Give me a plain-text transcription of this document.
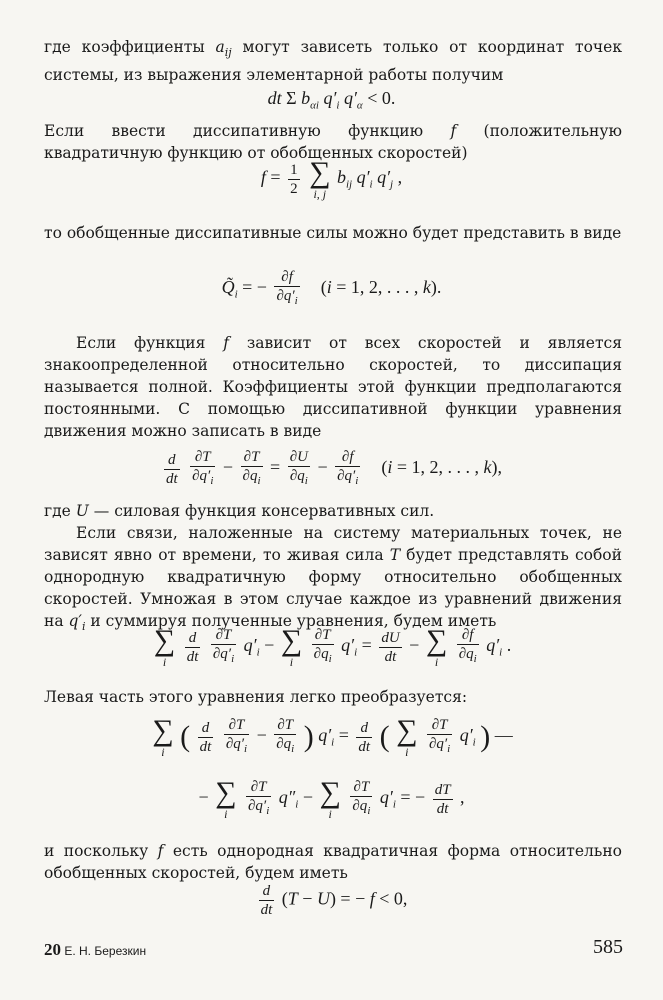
где коэффициенты $a_{ij}$ могут зависеть только от координат точек системы, из выражения элементарной работы получим

dt Σ $b_{\alpha i}$ $q'_i$ $q'_\alpha < 0$.

Если ввести диссипативную функцию f (положительную квадратичную функцию от обобщенных скоростей)

$f = \frac{1}{2}$
∑
i, j
$b_{ij}$ $q'_i$ $q'_j$ ,

то обобщенные диссипативные силы можно будет представить в виде

$Q̃_i$ = − $\frac{\partial f}{\partial q'_i} (i = 1$, 2, . . . , k).

Если функция f зависит от всех скоростей и является знакоопределенной относительно скоростей, то диссипация называется полной. Коэффициенты этой функции предполагаются постоянными. С помощью диссипативной функции уравнения движения можно записать в виде

$\frac{d}{dt}$
$\frac{\partial T}{\partial q'_i} - \frac{\partial T}{\partial q_i} = \frac{\partial U}{\partial q_i} - \frac{\partial f}{\partial q'_i} (i = 1$, 2, . . . , k),

где U — силовая функция консервативных сил.

Если связи, наложенные на систему материальных точек, не зависят явно от времени, то живая сила T будет представлять собой однородную квадратичную форму относительно обобщенных скоростей. Умножая в этом случае каждое из уравнений движения на $q'_i$ и суммируя полученные уравнения, будем иметь

∑
i
	$\frac{d}{dt}$
$\frac{\partial T}{\partial q'_i} q'_i$ − ∑
i
	$\frac{\partial T}{\partial q_i} q'_i = \frac{dU}{dt}$ − ∑
i
	$\frac{\partial f}{\partial q_i} q'_i$ .

Левая часть этого уравнения легко преобразуется:

∑
i ( $\frac{d}{dt}$
$\frac{\partial T}{\partial q'_i} - \frac{\partial T}{\partial q_i}$ ) $q'_i = \frac{d}{dt}$ ( ∑
i
	$\frac{\partial T}{\partial q'_i} q'_i$ ) —
− ∑
i
	$\frac{\partial T}{\partial q'_i} q''_i$ − ∑
i
	$\frac{\partial T}{\partial q_i} q'_i$ = − $\frac{dT}{dt}$ ,

и поскольку f есть однородная квадратичная форма относительно обобщенных скоростей, будем иметь

$\frac{d}{dt} (T - U)$ = − f < 0,
20 Е. Н. Березкин	585
